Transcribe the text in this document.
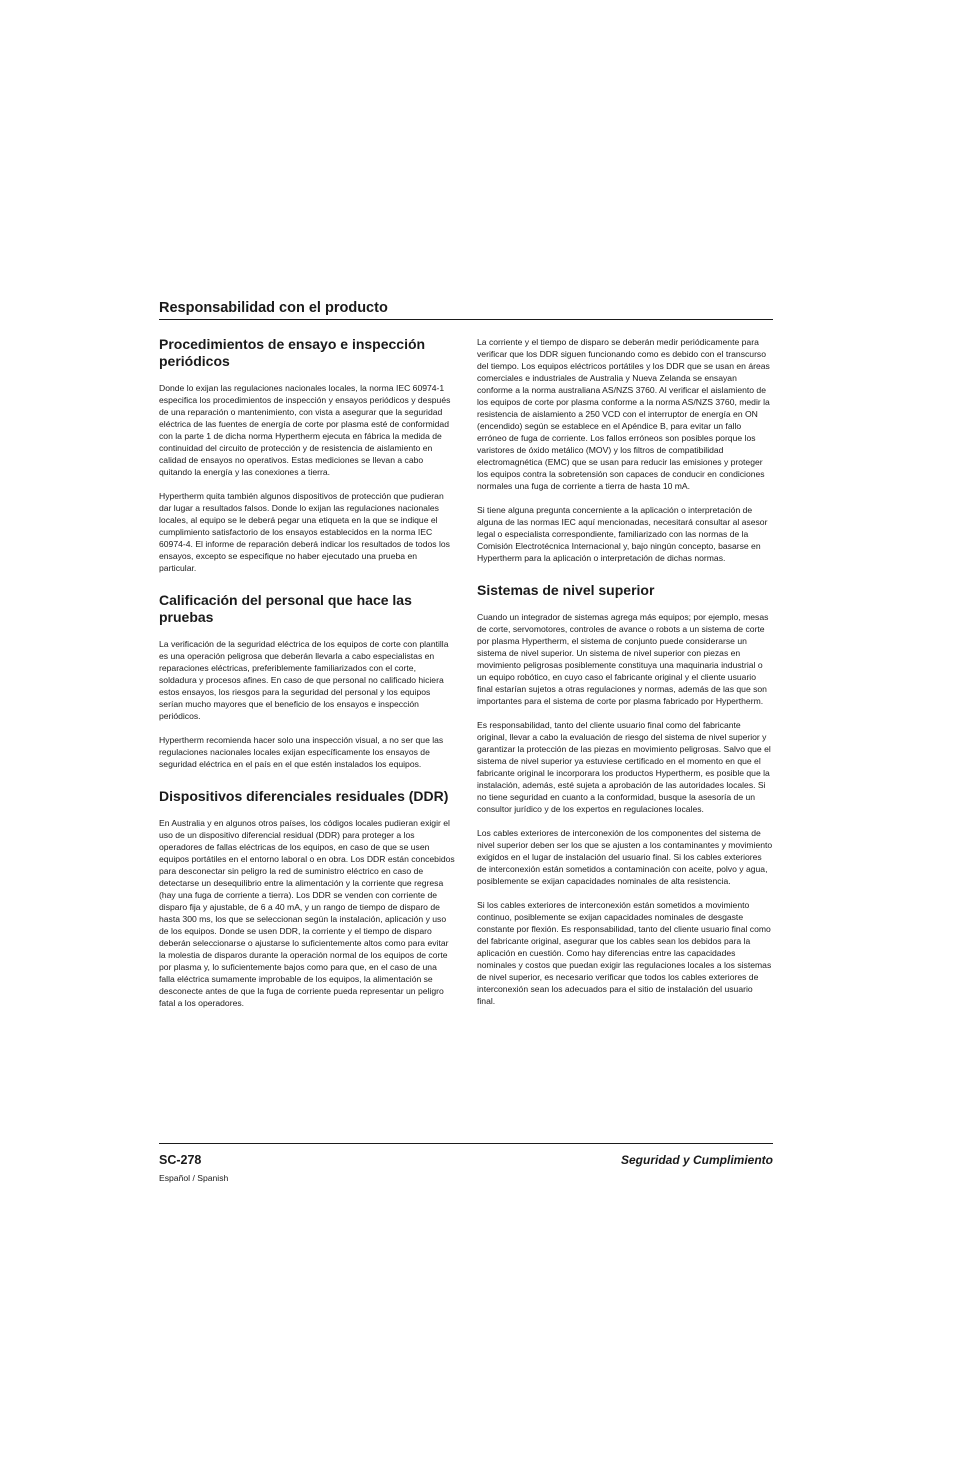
Responsabilidad con el producto
Procedimientos de ensayo e inspección periódicos

Donde lo exijan las regulaciones nacionales locales, la norma IEC 60974-1 especifica los procedimientos de inspección y ensayos periódicos y después de una reparación o mantenimiento, con vista a asegurar que la seguridad eléctrica de las fuentes de energía de corte por plasma esté de conformidad con la parte 1 de dicha norma Hypertherm ejecuta en fábrica la medida de continuidad del circuito de protección y de resistencia de aislamiento en calidad de ensayos no operativos. Estas mediciones se llevan a cabo quitando la energía y las conexiones a tierra.

Hypertherm quita también algunos dispositivos de protección que pudieran dar lugar a resultados falsos. Donde lo exijan las regulaciones nacionales locales, al equipo se le deberá pegar una etiqueta en la que se indique el cumplimiento satisfactorio de los ensayos establecidos en la norma IEC 60974-4. El informe de reparación deberá indicar los resultados de todos los ensayos, excepto se especifique no haber ejecutado una prueba en particular.

Calificación del personal que hace las pruebas

La verificación de la seguridad eléctrica de los equipos de corte con plantilla es una operación peligrosa que deberán llevarla a cabo especialistas en reparaciones eléctricas, preferiblemente familiarizados con el corte, soldadura y procesos afines. En caso de que personal no calificado hiciera estos ensayos, los riesgos para la seguridad del personal y los equipos serían mucho mayores que el beneficio de los ensayos e inspección periódicos.

Hypertherm recomienda hacer solo una inspección visual, a no ser que las regulaciones nacionales locales exijan específicamente los ensayos de seguridad eléctrica en el país en el que estén instalados los equipos.

Dispositivos diferenciales residuales (DDR)

En Australia y en algunos otros países, los códigos locales pudieran exigir el uso de un dispositivo diferencial residual (DDR) para proteger a los operadores de fallas eléctricas de los equipos, en caso de que se usen equipos portátiles en el entorno laboral o en obra. Los DDR están concebidos para desconectar sin peligro la red de suministro eléctrico en caso de detectarse un desequilibrio entre la alimentación y la corriente que regresa (hay una fuga de corriente a tierra). Los DDR se venden con corriente de disparo fija y ajustable, de 6 a 40 mA, y un rango de tiempo de disparo de hasta 300 ms, los que se seleccionan según la instalación, aplicación y uso de los equipos. Donde se usen DDR, la corriente y el tiempo de disparo deberán seleccionarse o ajustarse lo suficientemente altos como para evitar la molestia de disparos durante la operación normal de los equipos de corte por plasma y, lo suficientemente bajos como para que, en el caso de una falla eléctrica sumamente improbable de los equipos, la alimentación se desconecte antes de que la fuga de corriente pueda representar un peligro fatal a los operadores.

La corriente y el tiempo de disparo se deberán medir periódicamente para verificar que los DDR siguen funcionando como es debido con el transcurso del tiempo. Los equipos eléctricos portátiles y los DDR que se usan en áreas comerciales e industriales de Australia y Nueva Zelanda se ensayan conforme a la norma australiana AS/NZS 3760. Al verificar el aislamiento de los equipos de corte por plasma conforme a la norma AS/NZS 3760, medir la resistencia de aislamiento a 250 VCD con el interruptor de energía en ON (encendido) según se establece en el Apéndice B, para evitar un fallo erróneo de fuga de corriente. Los fallos erróneos son posibles porque los varistores de óxido metálico (MOV) y los filtros de compatibilidad electromagnética (EMC) que se usan para reducir las emisiones y proteger los equipos contra la sobretensión son capaces de conducir en condiciones normales una fuga de corriente a tierra de hasta 10 mA.

Si tiene alguna pregunta concerniente a la aplicación o interpretación de alguna de las normas IEC aquí mencionadas, necesitará consultar al asesor legal o especialista correspondiente, familiarizado con las normas de la Comisión Electrotécnica Internacional y, bajo ningún concepto, basarse en Hypertherm para la aplicación o interpretación de dichas normas.

Sistemas de nivel superior

Cuando un integrador de sistemas agrega más equipos; por ejemplo, mesas de corte, servomotores, controles de avance o robots a un sistema de corte por plasma Hypertherm, el sistema de conjunto puede considerarse un sistema de nivel superior. Un sistema de nivel superior con piezas en movimiento peligrosas posiblemente constituya una maquinaria industrial o un equipo robótico, en cuyo caso el fabricante original y el cliente usuario final estarían sujetos a otras regulaciones y normas, además de las que son importantes para el sistema de corte por plasma fabricado por Hypertherm.

Es responsabilidad, tanto del cliente usuario final como del fabricante original, llevar a cabo la evaluación de riesgo del sistema de nivel superior y garantizar la protección de las piezas en movimiento peligrosas. Salvo que el sistema de nivel superior ya estuviese certificado en el momento en que el fabricante original le incorporara los productos Hypertherm, es posible que la instalación, además, esté sujeta a aprobación de las autoridades locales. Si no tiene seguridad en cuanto a la conformidad, busque la asesoría de un consultor jurídico y de los expertos en regulaciones locales.

Los cables exteriores de interconexión de los componentes del sistema de nivel superior deben ser los que se ajusten a los contaminantes y movimiento exigidos en el lugar de instalación del usuario final. Si los cables exteriores de interconexión están sometidos a contaminación con aceite, polvo y agua, posiblemente se exijan capacidades nominales de alta resistencia.

Si los cables exteriores de interconexión están sometidos a movimiento continuo, posiblemente se exijan capacidades nominales de desgaste constante por flexión. Es responsabilidad, tanto del cliente usuario final como del fabricante original, asegurar que los cables sean los debidos para la aplicación en cuestión. Como hay diferencias entre las capacidades nominales y costos que puedan exigir las regulaciones locales a los sistemas de nivel superior, es necesario verificar que todos los cables exteriores de interconexión sean los adecuados para el sitio de instalación del usuario final.

SC-278	Seguridad y Cumplimiento
Español / Spanish
